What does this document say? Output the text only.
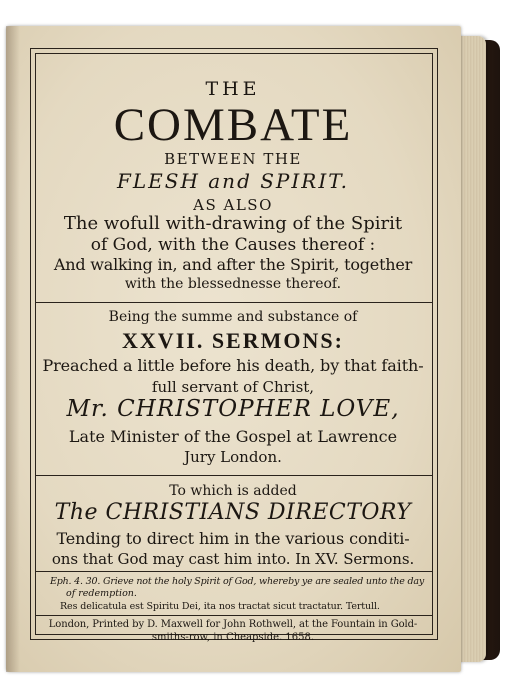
THE
COMBATE
BETWEEN THE
FLESH and SPIRIT.
AS ALSO
The wofull with-drawing of the Spirit
of God, with the Causes thereof :
And walking in, and after the Spirit, together
with the blessednesse thereof.
Being the summe and substance of
XXVII. SERMONS:
Preached a little before his death, by that faith-
full servant of Christ,
Mr. CHRISTOPHER LOVE,
Late Minister of the Gospel at Lawrence
Jury London.
To which is added
The CHRISTIANS DIRECTORY
Tending to direct him in the various conditi-
ons that God may cast him into. In XV. Sermons.
Eph. 4. 30. Grieve not the holy Spirit of God, whereby ye are sealed unto the day
of redemption.
Res delicatula est Spiritu Dei, ita nos tractat sicut tractatur. Tertull.
London, Printed by D. Maxwell for John Rothwell, at the Fountain in Gold-
smiths-row, in Cheapside. 1658.
